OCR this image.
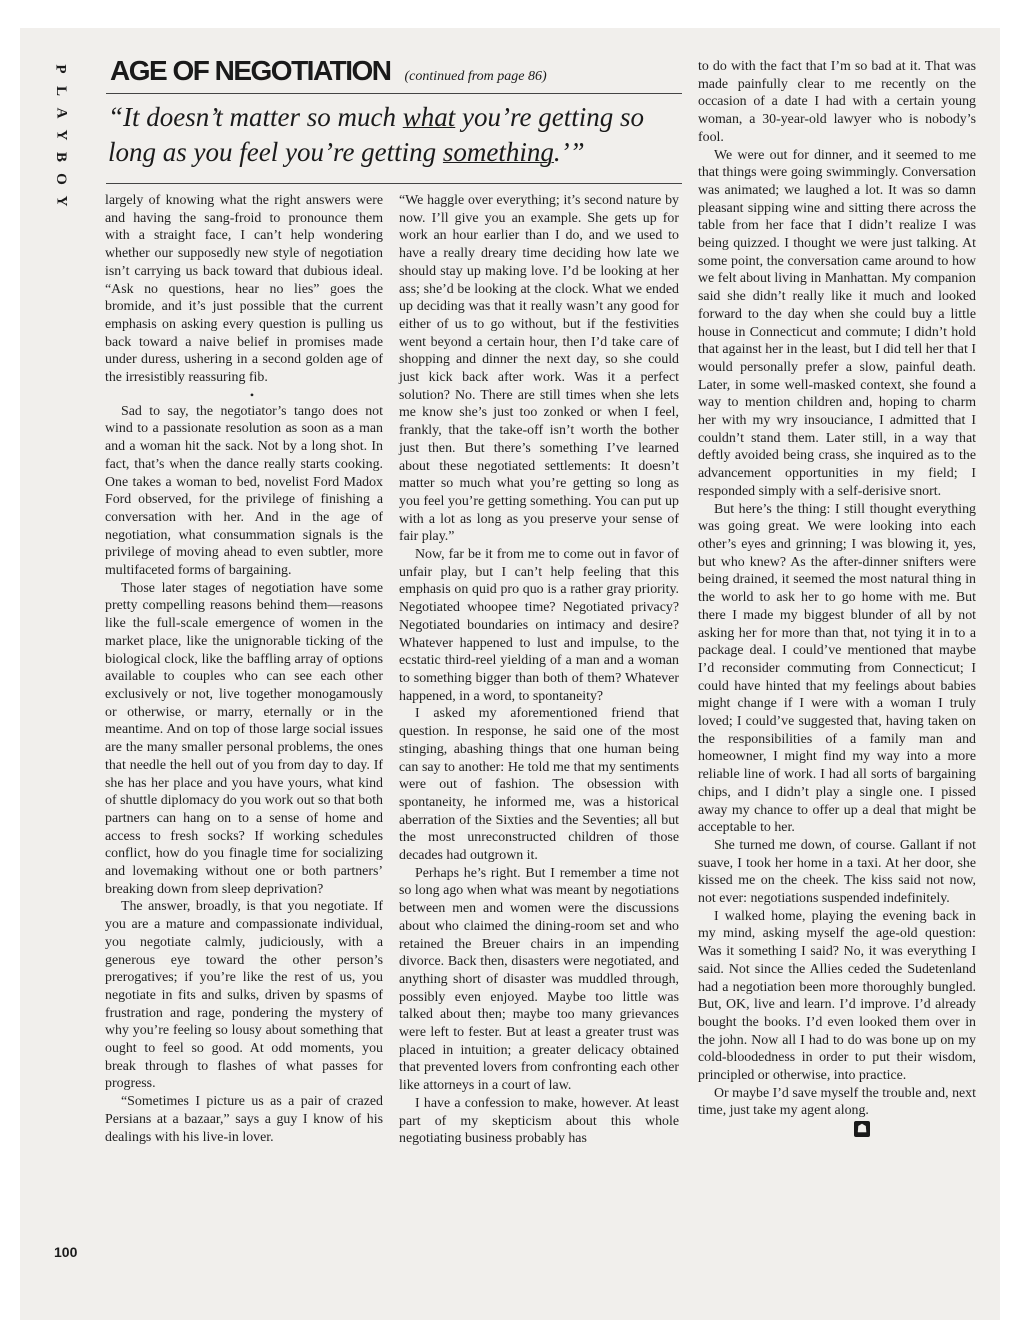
P
L
A
Y
B
O
Y
AGE OF NEGOTIATION (continued from page 86)
“It doesn’t matter so much what you’re getting so long as you feel you’re getting something.’”

largely of knowing what the right answers were and having the sang-froid to pronounce them with a straight face, I can’t help wondering whether our supposedly new style of negotiation isn’t carrying us back toward that dubious ideal. “Ask no questions, hear no lies” goes the bromide, and it’s just possible that the current emphasis on asking every question is pulling us back toward a naive belief in promises made under duress, ushering in a second golden age of the irresistibly reassuring fib.

•

Sad to say, the negotiator’s tango does not wind to a passionate resolution as soon as a man and a woman hit the sack. Not by a long shot. In fact, that’s when the dance really starts cooking. One takes a woman to bed, novelist Ford Madox Ford observed, for the privilege of finishing a conversation with her. And in the age of negotiation, what consummation signals is the privilege of moving ahead to even subtler, more multifaceted forms of bargaining.

Those later stages of negotiation have some pretty compelling reasons behind them—reasons like the full-scale emergence of women in the market place, like the unignorable ticking of the biological clock, like the baffling array of options available to couples who can see each other exclusively or not, live together monogamously or otherwise, or marry, eternally or in the meantime. And on top of those large social issues are the many smaller personal problems, the ones that needle the hell out of you from day to day. If she has her place and you have yours, what kind of shuttle diplomacy do you work out so that both partners can hang on to a sense of home and access to fresh socks? If working schedules conflict, how do you finagle time for socializing and lovemaking without one or both partners’ breaking down from sleep deprivation?

The answer, broadly, is that you negotiate. If you are a mature and compassionate individual, you negotiate calmly, judiciously, with a generous eye toward the other person’s prerogatives; if you’re like the rest of us, you negotiate in fits and sulks, driven by spasms of frustration and rage, pondering the mystery of why you’re feeling so lousy about something that ought to feel so good. At odd moments, you break through to flashes of what passes for progress.

“Sometimes I picture us as a pair of crazed Persians at a bazaar,” says a guy I know of his dealings with his live-in lover.

“We haggle over everything; it’s second nature by now. I’ll give you an example. She gets up for work an hour earlier than I do, and we used to have a really dreary time deciding how late we should stay up making love. I’d be looking at her ass; she’d be looking at the clock. What we ended up deciding was that it really wasn’t any good for either of us to go without, but if the festivities went beyond a certain hour, then I’d take care of shopping and dinner the next day, so she could just kick back after work. Was it a perfect solution? No. There are still times when she lets me know she’s just too zonked or when I feel, frankly, that the take-off isn’t worth the bother just then. But there’s something I’ve learned about these negotiated settlements: It doesn’t matter so much what you’re getting so long as you feel you’re getting something. You can put up with a lot as long as you preserve your sense of fair play.”

Now, far be it from me to come out in favor of unfair play, but I can’t help feeling that this emphasis on quid pro quo is a rather gray priority. Negotiated whoopee time? Negotiated privacy? Negotiated boundaries on intimacy and desire? Whatever happened to lust and impulse, to the ecstatic third-reel yielding of a man and a woman to something bigger than both of them? Whatever happened, in a word, to spontaneity?

I asked my aforementioned friend that question. In response, he said one of the most stinging, abashing things that one human being can say to another: He told me that my sentiments were out of fashion. The obsession with spontaneity, he informed me, was a historical aberration of the Sixties and the Seventies; all but the most unreconstructed children of those decades had outgrown it.

Perhaps he’s right. But I remember a time not so long ago when what was meant by negotiations between men and women were the discussions about who claimed the dining-room set and who retained the Breuer chairs in an impending divorce. Back then, disasters were negotiated, and anything short of disaster was muddled through, possibly even enjoyed. Maybe too little was talked about then; maybe too many grievances were left to fester. But at least a greater trust was placed in intuition; a greater delicacy obtained that prevented lovers from confronting each other like attorneys in a court of law.

I have a confession to make, however. At least part of my skepticism about this whole negotiating business probably has

to do with the fact that I’m so bad at it. That was made painfully clear to me recently on the occasion of a date I had with a certain young woman, a 30-year-old lawyer who is nobody’s fool.

We were out for dinner, and it seemed to me that things were going swimmingly. Conversation was animated; we laughed a lot. It was so damn pleasant sipping wine and sitting there across the table from her face that I didn’t realize I was being quizzed. I thought we were just talking. At some point, the conversation came around to how we felt about living in Manhattan. My companion said she didn’t really like it much and looked forward to the day when she could buy a little house in Connecticut and commute; I didn’t hold that against her in the least, but I did tell her that I would personally prefer a slow, painful death. Later, in some well-masked context, she found a way to mention children and, hoping to charm her with my wry insouciance, I admitted that I couldn’t stand them. Later still, in a way that deftly avoided being crass, she inquired as to the advancement opportunities in my field; I responded simply with a self-derisive snort.

But here’s the thing: I still thought everything was going great. We were looking into each other’s eyes and grinning; I was blowing it, yes, but who knew? As the after-dinner snifters were being drained, it seemed the most natural thing in the world to ask her to go home with me. But there I made my biggest blunder of all by not asking her for more than that, not tying it in to a package deal. I could’ve mentioned that maybe I’d reconsider commuting from Connecticut; I could have hinted that my feelings about babies might change if I were with a woman I truly loved; I could’ve suggested that, having taken on the responsibilities of a family man and homeowner, I might find my way into a more reliable line of work. I had all sorts of bargaining chips, and I didn’t play a single one. I pissed away my chance to offer up a deal that might be acceptable to her.

She turned me down, of course. Gallant if not suave, I took her home in a taxi. At her door, she kissed me on the cheek. The kiss said not now, not ever: negotiations suspended indefinitely.

I walked home, playing the evening back in my mind, asking myself the age-old question: Was it something I said? No, it was everything I said. Not since the Allies ceded the Sudetenland had a negotiation been more thoroughly bungled. But, OK, live and learn. I’d improve. I’d already bought the books. I’d even looked them over in the john. Now all I had to do was bone up on my cold-bloodedness in order to put their wisdom, principled or otherwise, into practice.

Or maybe I’d save myself the trouble and, next time, just take my agent along.

☗

100
